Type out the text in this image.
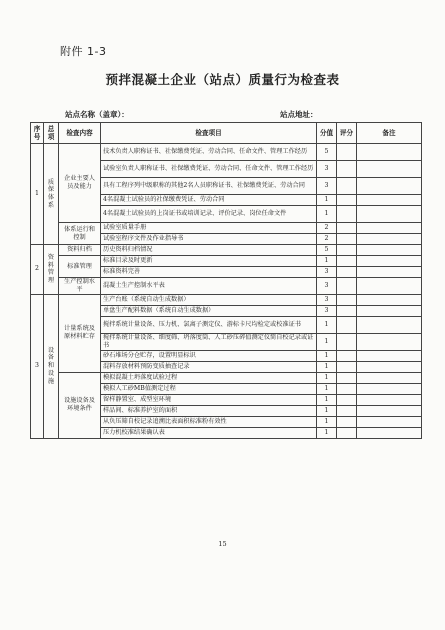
附件 1-3
预拌混凝土企业（站点）质量行为检查表
站点名称（盖章）：	站点地址：
序号	总项	检查内容	检查项目	分值	评分	备注
1	质保体系	企业主要人员及能力	技术负责人职称证书、社保缴费凭证、劳动合同、任命文件、管理工作经历	5		
			试验室负责人职称证书、社保缴费凭证、劳动合同、任命文件、管理工作经历	3		
			具有工程序列中级职称的其他2名人员职称证书、社保缴费凭证、劳动合同	3		
			4名混凝土试验员的社保缴费凭证、劳动合同	1		
			4名混凝土试验员的上岗证书或培训记录、评价记录、岗位任命文件	1		
		体系运行和控制	试验室质量手册	2		
			试验室程序文件及作业指导书	2		
2	资料管理	资料归档	历史资料归档情况	5		
		标准管理	标准目录及时更新	1		
			标准资料完善	3		
		生产控制水平	混凝土生产控制水平表	3		
3	设备和设施	计量系统及原材料贮存	生产台账（系统自动生成数据）	3		
			单盘生产配料数据（系统自动生成数据）	3		
			搅拌系统计量设备、压力机、氯离子测定仪、游标卡尺均检定或校准证书	1		
			搅拌系统计量设备、细度筛、坍落度筒、人工砂压碎值测定仪简自校记录或证书	1		
			砂石堆场分仓贮存，设置明显标识	1		
			混料存放材料预防变质抽查记录	1		
		设施设备及环境条件	模拟混凝土坍落度试验过程	1		
			模拟人工砂MB值测定过程	1		
			留样静置室、成型室环境	1		
			样品间、标准养护室的面积	1		
			从负压筛自校记录追溯比表面积标准粉有效性	1		
			压力机校准结果确认表	1		
15
